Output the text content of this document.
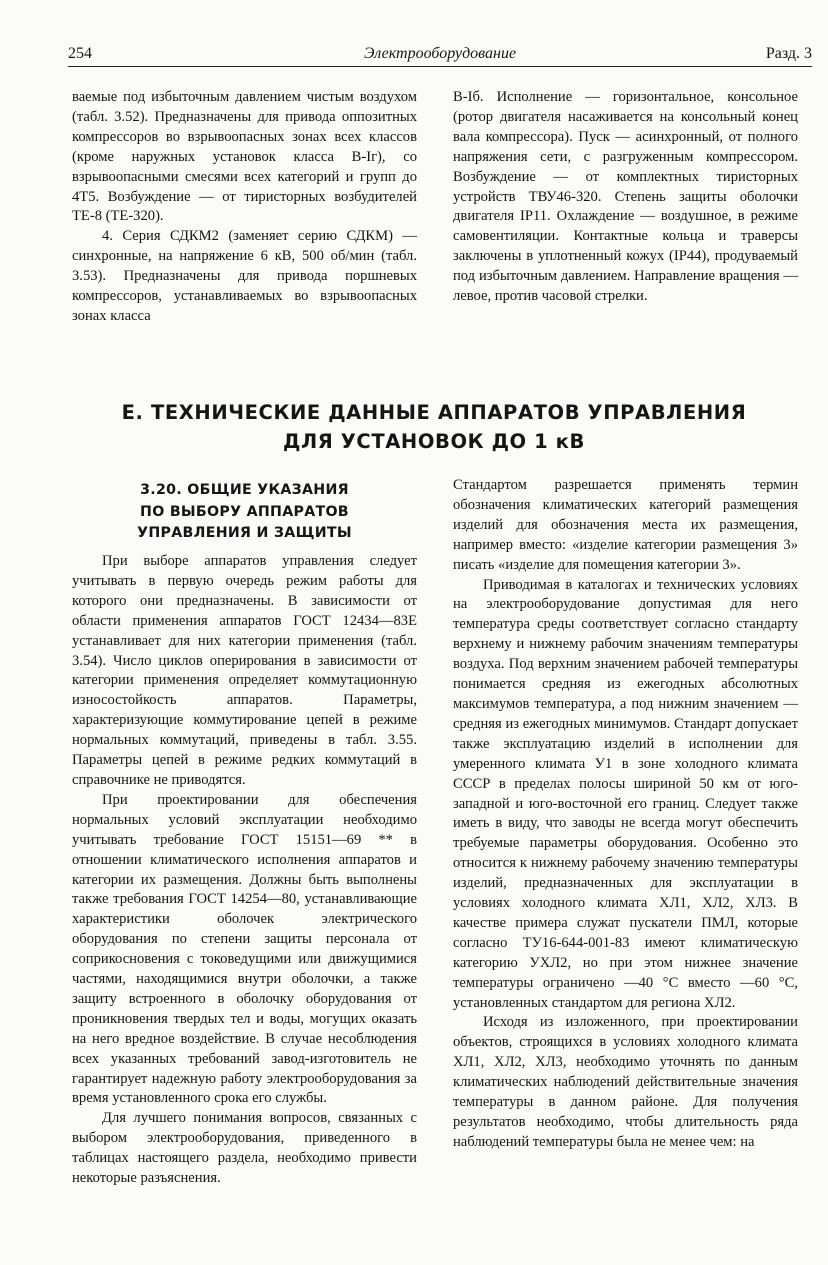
254	Электрооборудование	Разд. 3

ваемые под избыточным давлением чистым воздухом (табл. 3.52). Предназначены для привода оппозитных компрессоров во взрывоопасных зонах всех классов (кроме наружных установок класса В-Iг), со взрывоопасными смесями всех категорий и групп до 4Т5. Возбуждение — от тиристорных возбудителей ТЕ-8 (ТЕ-320).

4. Серия СДКМ2 (заменяет серию СДКМ) — синхронные, на напряжение 6 кВ, 500 об/мин (табл. 3.53). Предназначены для привода поршневых компрессоров, устанавливаемых во взрывоопасных зонах класса

В-Iб. Исполнение — горизонтальное, консольное (ротор двигателя насаживается на консольный конец вала компрессора). Пуск — асинхронный, от полного напряжения сети, с разгруженным компрессором. Возбуждение — от комплектных тиристорных устройств ТВУ46-320. Степень защиты оболочки двигателя IP11. Охлаждение — воздушное, в режиме самовентиляции. Контактные кольца и траверсы заключены в уплотненный кожух (IP44), продуваемый под избыточным давлением. Направление вращения — левое, против часовой стрелки.

Е. ТЕХНИЧЕСКИЕ ДАННЫЕ АППАРАТОВ УПРАВЛЕНИЯ
ДЛЯ УСТАНОВОК ДО 1 кВ
3.20. ОБЩИЕ УКАЗАНИЯ
ПО ВЫБОРУ АППАРАТОВ
УПРАВЛЕНИЯ И ЗАЩИТЫ

При выборе аппаратов управления следует учитывать в первую очередь режим работы для которого они предназначены. В зависимости от области применения аппаратов ГОСТ 12434—83Е устанавливает для них категории применения (табл. 3.54). Число циклов оперирования в зависимости от категории применения определяет коммутационную износостойкость аппаратов. Параметры, характеризующие коммутирование цепей в режиме нормальных коммутаций, приведены в табл. 3.55. Параметры цепей в режиме редких коммутаций в справочнике не приводятся.

При проектировании для обеспечения нормальных условий эксплуатации необходимо учитывать требование ГОСТ 15151—69 ** в отношении климатического исполнения аппаратов и категории их размещения. Должны быть выполнены также требования ГОСТ 14254—80, устанавливающие характеристики оболочек электрического оборудования по степени защиты персонала от соприкосновения с токоведущими или движущимися частями, находящимися внутри оболочки, а также защиту встроенного в оболочку оборудования от проникновения твердых тел и воды, могущих оказать на него вредное воздействие. В случае несоблюдения всех указанных требований завод-изготовитель не гарантирует надежную работу электрооборудования за время установленного срока его службы.

Для лучшего понимания вопросов, связанных с выбором электрооборудования, приведенного в таблицах настоящего раздела, необходимо привести некоторые разъяснения.

Стандартом разрешается применять термин обозначения климатических категорий размещения изделий для обозначения места их размещения, например вместо: «изделие категории размещения 3» писать «изделие для помещения категории 3».

Приводимая в каталогах и технических условиях на электрооборудование допустимая для него температура среды соответствует согласно стандарту верхнему и нижнему рабочим значениям температуры воздуха. Под верхним значением рабочей температуры понимается средняя из ежегодных абсолютных максимумов температура, а под нижним значением — средняя из ежегодных минимумов. Стандарт допускает также эксплуатацию изделий в исполнении для умеренного климата У1 в зоне холодного климата СССР в пределах полосы шириной 50 км от юго-западной и юго-восточной его границ. Следует также иметь в виду, что заводы не всегда могут обеспечить требуемые параметры оборудования. Особенно это относится к нижнему рабочему значению температуры изделий, предназначенных для эксплуатации в условиях холодного климата ХЛ1, ХЛ2, ХЛ3. В качестве примера служат пускатели ПМЛ, которые согласно ТУ16-644-001-83 имеют климатическую категорию УХЛ2, но при этом нижнее значение температуры ограничено —40 °С вместо —60 °С, установленных стандартом для региона ХЛ2.

Исходя из изложенного, при проектировании объектов, строящихся в условиях холодного климата ХЛ1, ХЛ2, ХЛ3, необходимо уточнять по данным климатических наблюдений действительные значения температуры в данном районе. Для получения результатов необходимо, чтобы длительность ряда наблюдений температуры была не менее чем: на
